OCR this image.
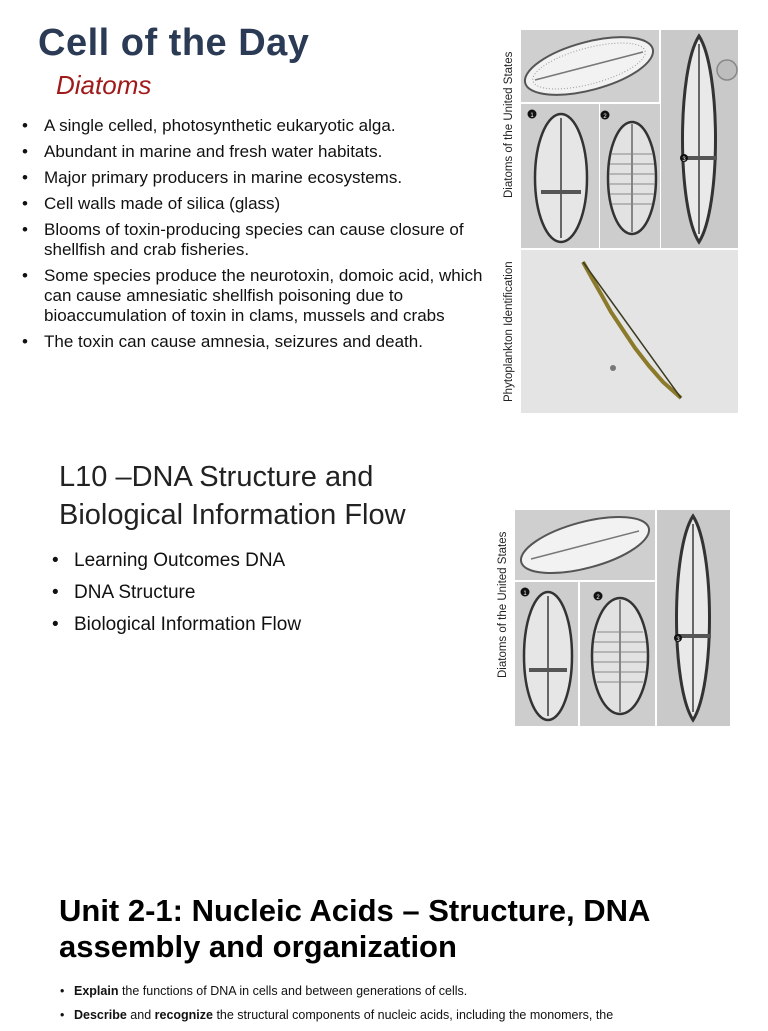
Cell of the Day
Diatoms
• A single celled, photosynthetic eukaryotic alga.
• Abundant in marine and fresh water habitats.
• Major primary producers in marine ecosystems.
• Cell walls made of silica (glass)
• Blooms of toxin-producing species can cause closure of shellfish and crab fisheries.
• Some species produce the neurotoxin, domoic acid, which can cause amnesiatic shellfish poisoning due to bioaccumulation of toxin in clams, mussels and crabs
• The toxin can cause amnesia, seizures and death.
Diatoms of the United States
Phytoplankton Identification
3
1	2
L10 –DNA Structure and Biological Information Flow
• Learning Outcomes DNA
• DNA Structure
• Biological Information Flow	Diatoms of the United States	3
1
2
Unit 2-1: Nucleic Acids – Structure, DNA assembly and organization
• Explain the functions of DNA in cells and between generations of cells.
• Describe and recognize the structural components of nucleic acids, including the monomers, the
